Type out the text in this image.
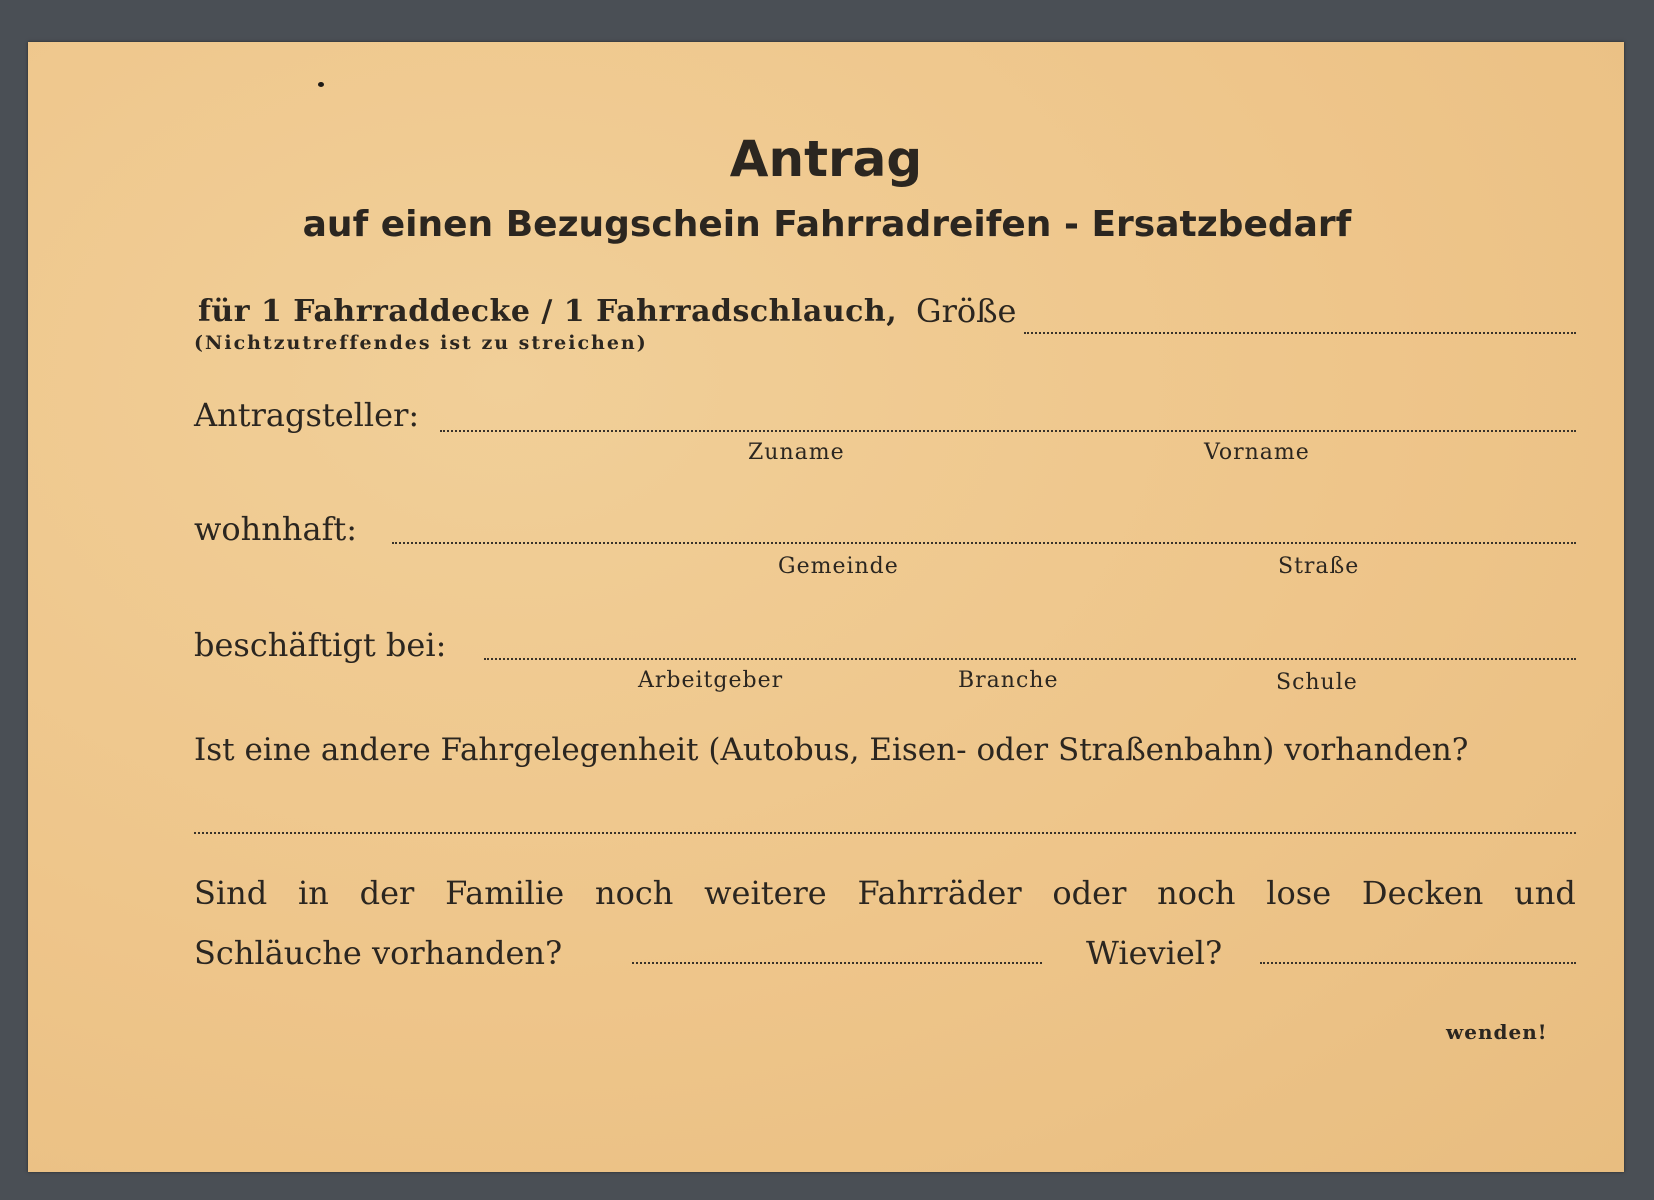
Antrag
auf einen Bezugschein Fahrradreifen - Ersatzbedarf
für 1 Fahrraddecke / 1 Fahrradschlauch, Größe
(Nichtzutreffendes ist zu streichen)
Antragsteller:
Zuname	Vorname
wohnhaft:
Gemeinde	Straße
beschäftigt bei:
Arbeitgeber	Branche	Schule
Ist eine andere Fahrgelegenheit (Autobus, Eisen- oder Straßenbahn) vorhanden?
Sind in der Familie noch weitere Fahrräder oder noch lose Decken und
Schläuche vorhanden?	Wieviel?
wenden!
